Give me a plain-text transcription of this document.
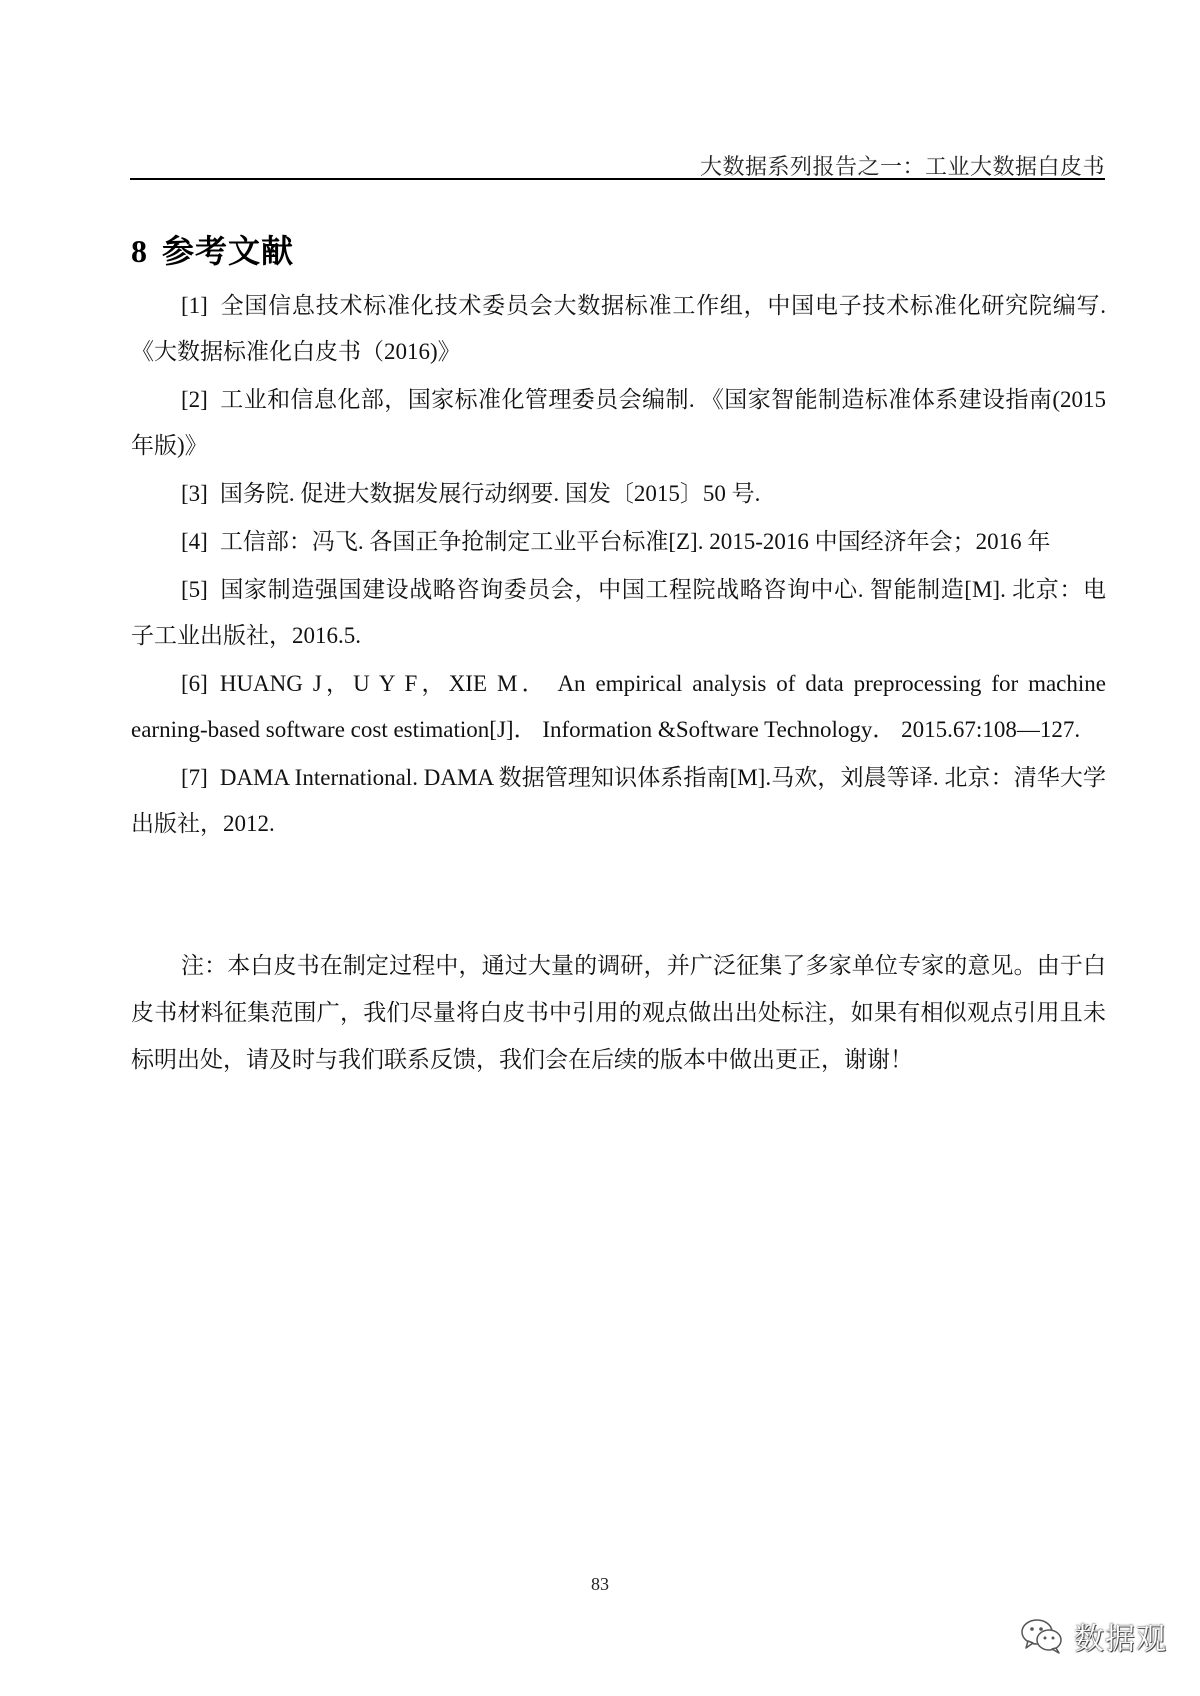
大数据系列报告之一：工业大数据白皮书
8 参考文献

[1] 全国信息技术标准化技术委员会大数据标准工作组，中国电子技术标准化研究院编写. 《大数据标准化白皮书（2016)》

[2] 工业和信息化部，国家标准化管理委员会编制. 《国家智能制造标准体系建设指南(2015 年版)》

[3] 国务院. 促进大数据发展行动纲要. 国发〔2015〕50 号.

[4] 工信部：冯飞. 各国正争抢制定工业平台标准[Z]. 2015-2016 中国经济年会；2016 年

[5] 国家制造强国建设战略咨询委员会，中国工程院战略咨询中心. 智能制造[M]. 北京：电子工业出版社，2016.5.

[6] HUANG J，U Y F，XIE M． An empirical analysis of data preprocessing for machine earning-based software cost estimation[J]． Information &Software Technology． 2015.67:108—127.

[7] DAMA International. DAMA 数据管理知识体系指南[M].马欢，刘晨等译. 北京：清华大学出版社，2012.

注：本白皮书在制定过程中，通过大量的调研，并广泛征集了多家单位专家的意见。由于白皮书材料征集范围广，我们尽量将白皮书中引用的观点做出出处标注，如果有相似观点引用且未标明出处，请及时与我们联系反馈，我们会在后续的版本中做出更正，谢谢！

83
数据观
